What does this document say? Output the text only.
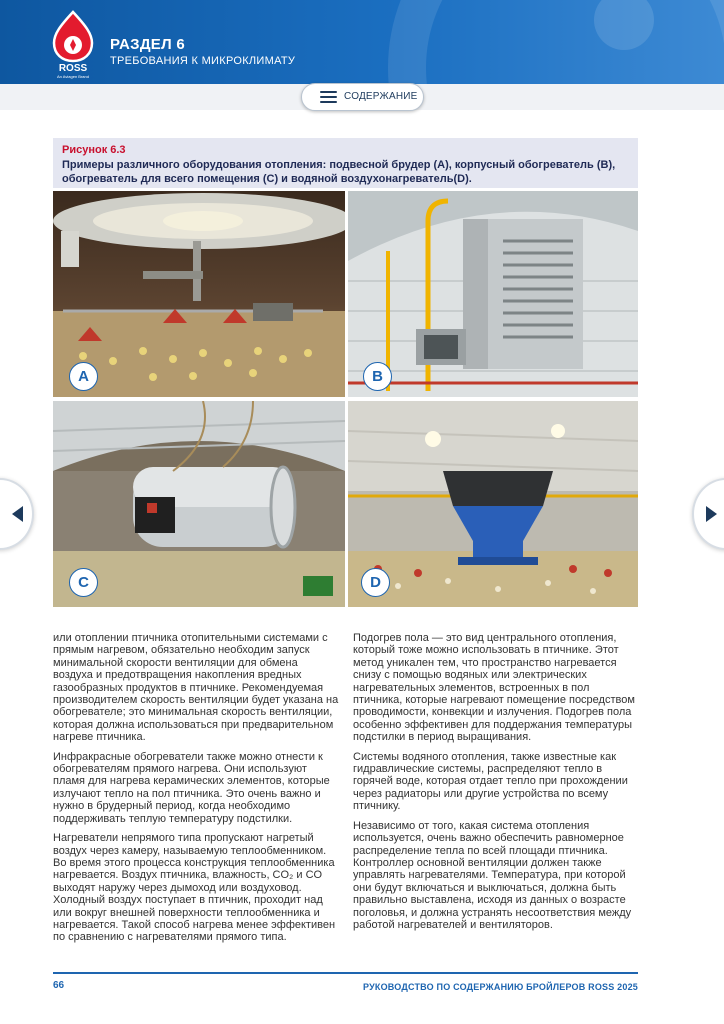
ROSS
An Aviagen Brand
РАЗДЕЛ 6
ТРЕБОВАНИЯ К МИКРОКЛИМАТУ
СОДЕРЖАНИЕ
Рисунок 6.3
Примеры различного оборудования отопления: подвесной брудер (А), корпусный обогреватель (B), обогреватель для всего помещения (C) и водяной воздухонагреватель(D).
A	B
C	D

или отоплении птичника отопительными системами с прямым нагревом, обязательно необходим запуск минимальной скорости вентиляции для обмена воздуха и предотвращения накопления вредных газообразных продуктов в птичнике. Рекомендуемая производителем скорость вентиляции будет указана на обогревателе; это минимальная скорость вентиляции, которая должна использоваться при предварительном нагреве птичника.

Инфракрасные обогреватели также можно отнести к обогревателям прямого нагрева. Они используют пламя для нагрева керамических элементов, которые излучают тепло на пол птичника. Это очень важно и нужно в брудерный период, когда необходимо поддерживать теплую температуру подстилки.

Нагреватели непрямого типа пропускают нагретый воздух через камеру, называемую теплообменником. Во время этого процесса конструкция теплообменника нагревается. Воздух птичника, влажность, CO₂ и CO выходят наружу через дымоход или воздуховод. Холодный воздух поступает в птичник, проходит над или вокруг внешней поверхности теплообменника и нагревается. Такой способ нагрева менее эффективен по сравнению с нагревателями прямого типа.

Подогрев пола — это вид центрального отопления, который тоже можно использовать в птичнике. Этот метод уникален тем, что пространство нагревается снизу с помощью водяных или электрических нагревательных элементов, встроенных в пол птичника, которые нагревают помещение посредством проводимости, конвекции и излучения. Подогрев пола особенно эффективен для поддержания температуры подстилки в период выращивания.

Системы водяного отопления, также известные как гидравлические системы, распределяют тепло в горячей воде, которая отдает тепло при прохождении через радиаторы или другие устройства по всему птичнику.

Независимо от того, какая система отопления используется, очень важно обеспечить равномерное распределение тепла по всей площади птичника. Контроллер основной вентиляции должен также управлять нагревателями. Температура, при которой они будут включаться и выключаться, должна быть правильно выставлена, исходя из данных о возрасте поголовья, и должна устранять несоответствия между работой нагревателей и вентиляторов.

66	РУКОВОДСТВО ПО СОДЕРЖАНИЮ БРОЙЛЕРОВ ROSS 2025
